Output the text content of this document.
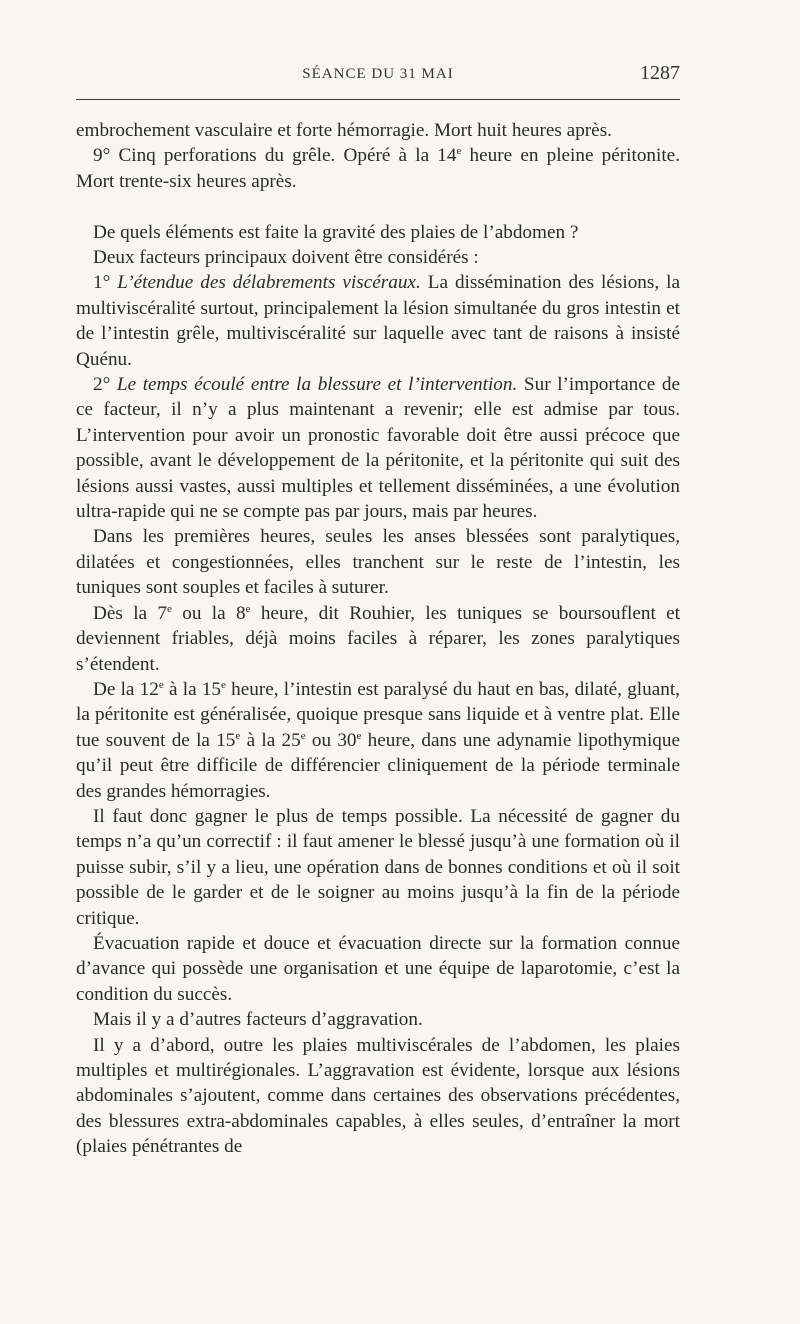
SÉANCE DU 31 MAI	1287

embrochement vasculaire et forte hémorragie. Mort huit heures après.

9° Cinq perforations du grêle. Opéré à la 14e heure en pleine péritonite. Mort trente-six heures après.

De quels éléments est faite la gravité des plaies de l’abdomen ?

Deux facteurs principaux doivent être considérés :

1° L’étendue des délabrements viscéraux. La dissémination des lésions, la multiviscéralité surtout, principalement la lésion simultanée du gros intestin et de l’intestin grêle, multiviscéralité sur laquelle avec tant de raisons à insisté Quénu.

2° Le temps écoulé entre la blessure et l’intervention. Sur l’importance de ce facteur, il n’y a plus maintenant a revenir; elle est admise par tous. L’intervention pour avoir un pronostic favorable doit être aussi précoce que possible, avant le développement de la péritonite, et la péritonite qui suit des lésions aussi vastes, aussi multiples et tellement disséminées, a une évolution ultra-rapide qui ne se compte pas par jours, mais par heures.

Dans les premières heures, seules les anses blessées sont paralytiques, dilatées et congestionnées, elles tranchent sur le reste de l’intestin, les tuniques sont souples et faciles à suturer.

Dès la 7e ou la 8e heure, dit Rouhier, les tuniques se boursouflent et deviennent friables, déjà moins faciles à réparer, les zones paralytiques s’étendent.

De la 12e à la 15e heure, l’intestin est paralysé du haut en bas, dilaté, gluant, la péritonite est généralisée, quoique presque sans liquide et à ventre plat. Elle tue souvent de la 15e à la 25e ou 30e heure, dans une adynamie lipothymique qu’il peut être difficile de différencier cliniquement de la période terminale des grandes hémorragies.

Il faut donc gagner le plus de temps possible. La nécessité de gagner du temps n’a qu’un correctif : il faut amener le blessé jusqu’à une formation où il puisse subir, s’il y a lieu, une opération dans de bonnes conditions et où il soit possible de le garder et de le soigner au moins jusqu’à la fin de la période critique.

Évacuation rapide et douce et évacuation directe sur la formation connue d’avance qui possède une organisation et une équipe de laparotomie, c’est la condition du succès.

Mais il y a d’autres facteurs d’aggravation.

Il y a d’abord, outre les plaies multiviscérales de l’abdomen, les plaies multiples et multirégionales. L’aggravation est évidente, lorsque aux lésions abdominales s’ajoutent, comme dans certaines des observations précédentes, des blessures extra-abdominales capables, à elles seules, d’entraîner la mort (plaies pénétrantes de
